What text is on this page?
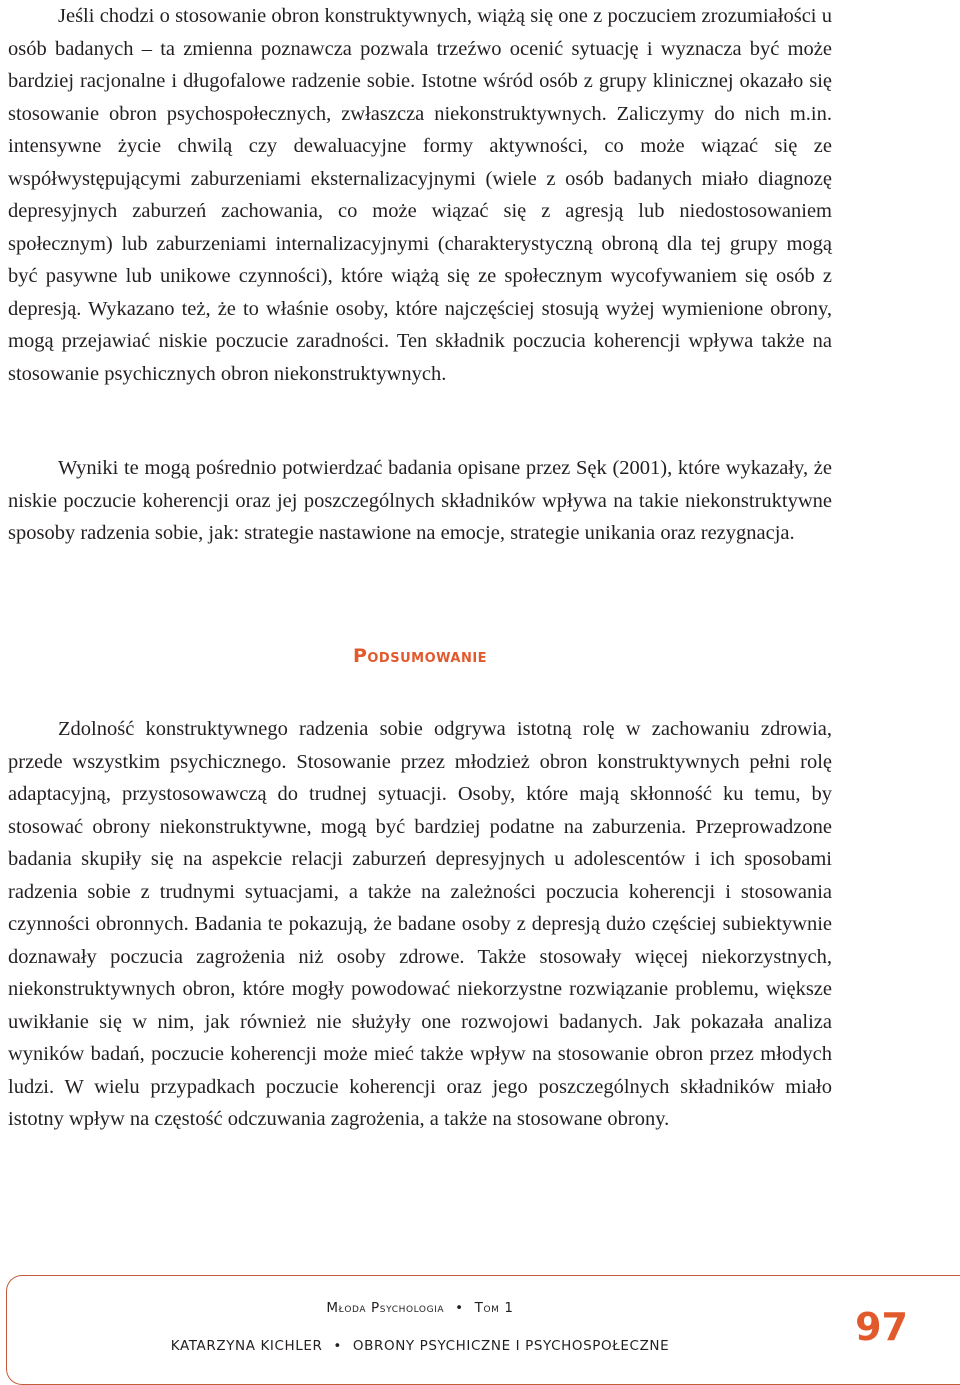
Jeśli chodzi o stosowanie obron konstruktywnych, wiążą się one z poczuciem zrozumiałości u osób badanych – ta zmienna poznawcza pozwala trzeźwo ocenić sytuację i wyznacza być może bardziej racjonalne i długofalowe radzenie sobie. Istotne wśród osób z grupy klinicznej okazało się stosowanie obron psychospołecznych, zwłaszcza niekonstruktywnych. Zaliczymy do nich m.in. intensywne życie chwilą czy dewaluacyjne formy aktywności, co może wiązać się ze współwystępującymi zaburzeniami eksternalizacyjnymi (wiele z osób badanych miało diagnozę depresyjnych zaburzeń zachowania, co może wiązać się z agresją lub niedostosowaniem społecznym) lub zaburzeniami internalizacyjnymi (charakterystyczną obroną dla tej grupy mogą być pasywne lub unikowe czynności), które wiążą się ze społecznym wycofywaniem się osób z depresją. Wykazano też, że to właśnie osoby, które najczęściej stosują wyżej wymienione obrony, mogą przejawiać niskie poczucie zaradności. Ten składnik poczucia koherencji wpływa także na stosowanie psychicznych obron niekonstruktywnych.

Wyniki te mogą pośrednio potwierdzać badania opisane przez Sęk (2001), które wykazały, że niskie poczucie koherencji oraz jej poszczególnych składników wpływa na takie niekonstruktywne sposoby radzenia sobie, jak: strategie nastawione na emocje, strategie unikania oraz rezygnacja.

Podsumowanie

Zdolność konstruktywnego radzenia sobie odgrywa istotną rolę w zachowaniu zdrowia, przede wszystkim psychicznego. Stosowanie przez młodzież obron konstruktywnych pełni rolę adaptacyjną, przystosowawczą do trudnej sytuacji. Osoby, które mają skłonność ku temu, by stosować obrony niekonstruktywne, mogą być bardziej podatne na zaburzenia. Przeprowadzone badania skupiły się na aspekcie relacji zaburzeń depresyjnych u adolescentów i ich sposobami radzenia sobie z trudnymi sytuacjami, a także na zależności poczucia koherencji i stosowania czynności obronnych. Badania te pokazują, że badane osoby z depresją dużo częściej subiektywnie doznawały poczucia zagrożenia niż osoby zdrowe. Także stosowały więcej niekorzystnych, niekonstruktywnych obron, które mogły powodować niekorzystne rozwiązanie problemu, większe uwikłanie się w nim, jak również nie służyły one rozwojowi badanych. Jak pokazała analiza wyników badań, poczucie koherencji może mieć także wpływ na stosowanie obron przez młodych ludzi. W wielu przypadkach poczucie koherencji oraz jego poszczególnych składników miało istotny wpływ na częstość odczuwania zagrożenia, a także na stosowane obrony.

Młoda Psychologia • Tom 1
KATARZYNA KICHLER • OBRONY PSYCHICZNE I PSYCHOSPOŁECZNE	97
